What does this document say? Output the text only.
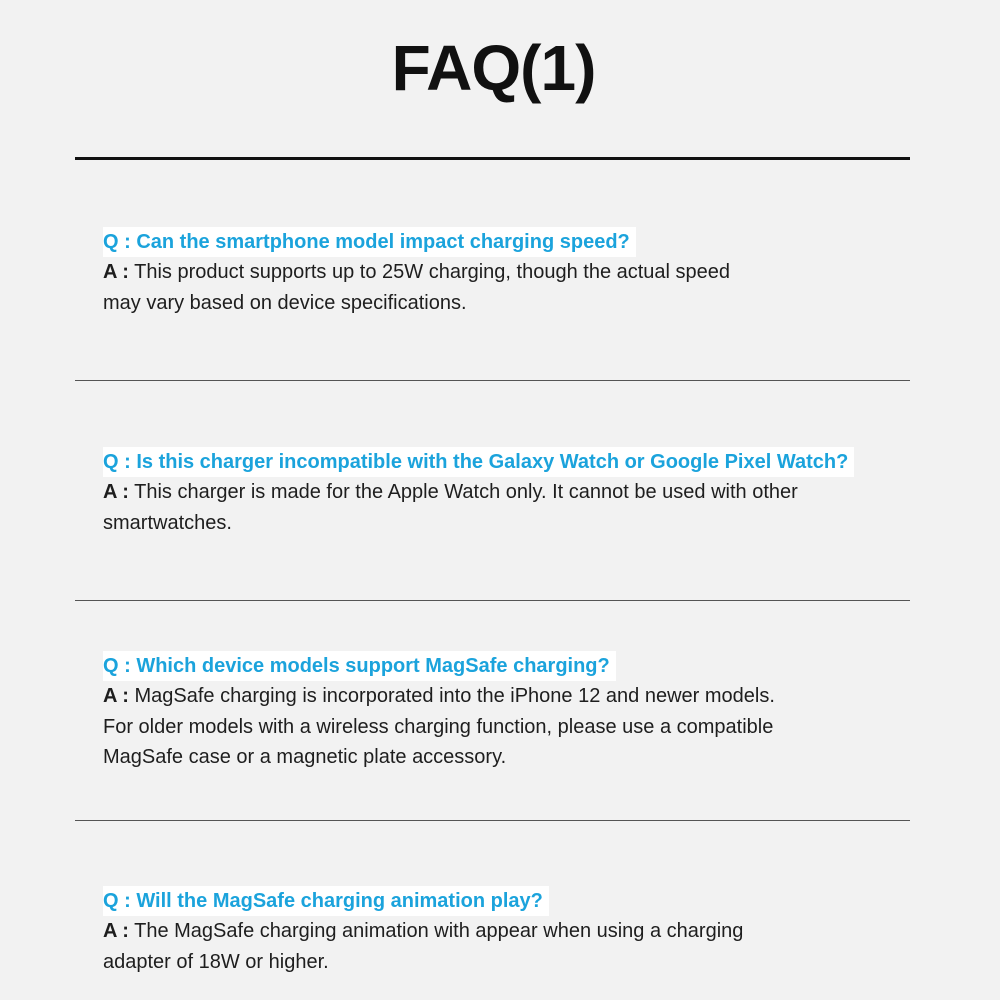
FAQ(1)
Q : Can the smartphone model impact charging speed?

A : This product supports up to 25W charging, though the actual speed
may vary based on device specifications.

Q : Is this charger incompatible with the Galaxy Watch or Google Pixel Watch?

A : This charger is made for the Apple Watch only. It cannot be used with other
smartwatches.

Q : Which device models support MagSafe charging?

A : MagSafe charging is incorporated into the iPhone 12 and newer models.
For older models with a wireless charging function, please use a compatible
MagSafe case or a magnetic plate accessory.

Q : Will the MagSafe charging animation play?

A : The MagSafe charging animation with appear when using a charging
adapter of 18W or higher.
